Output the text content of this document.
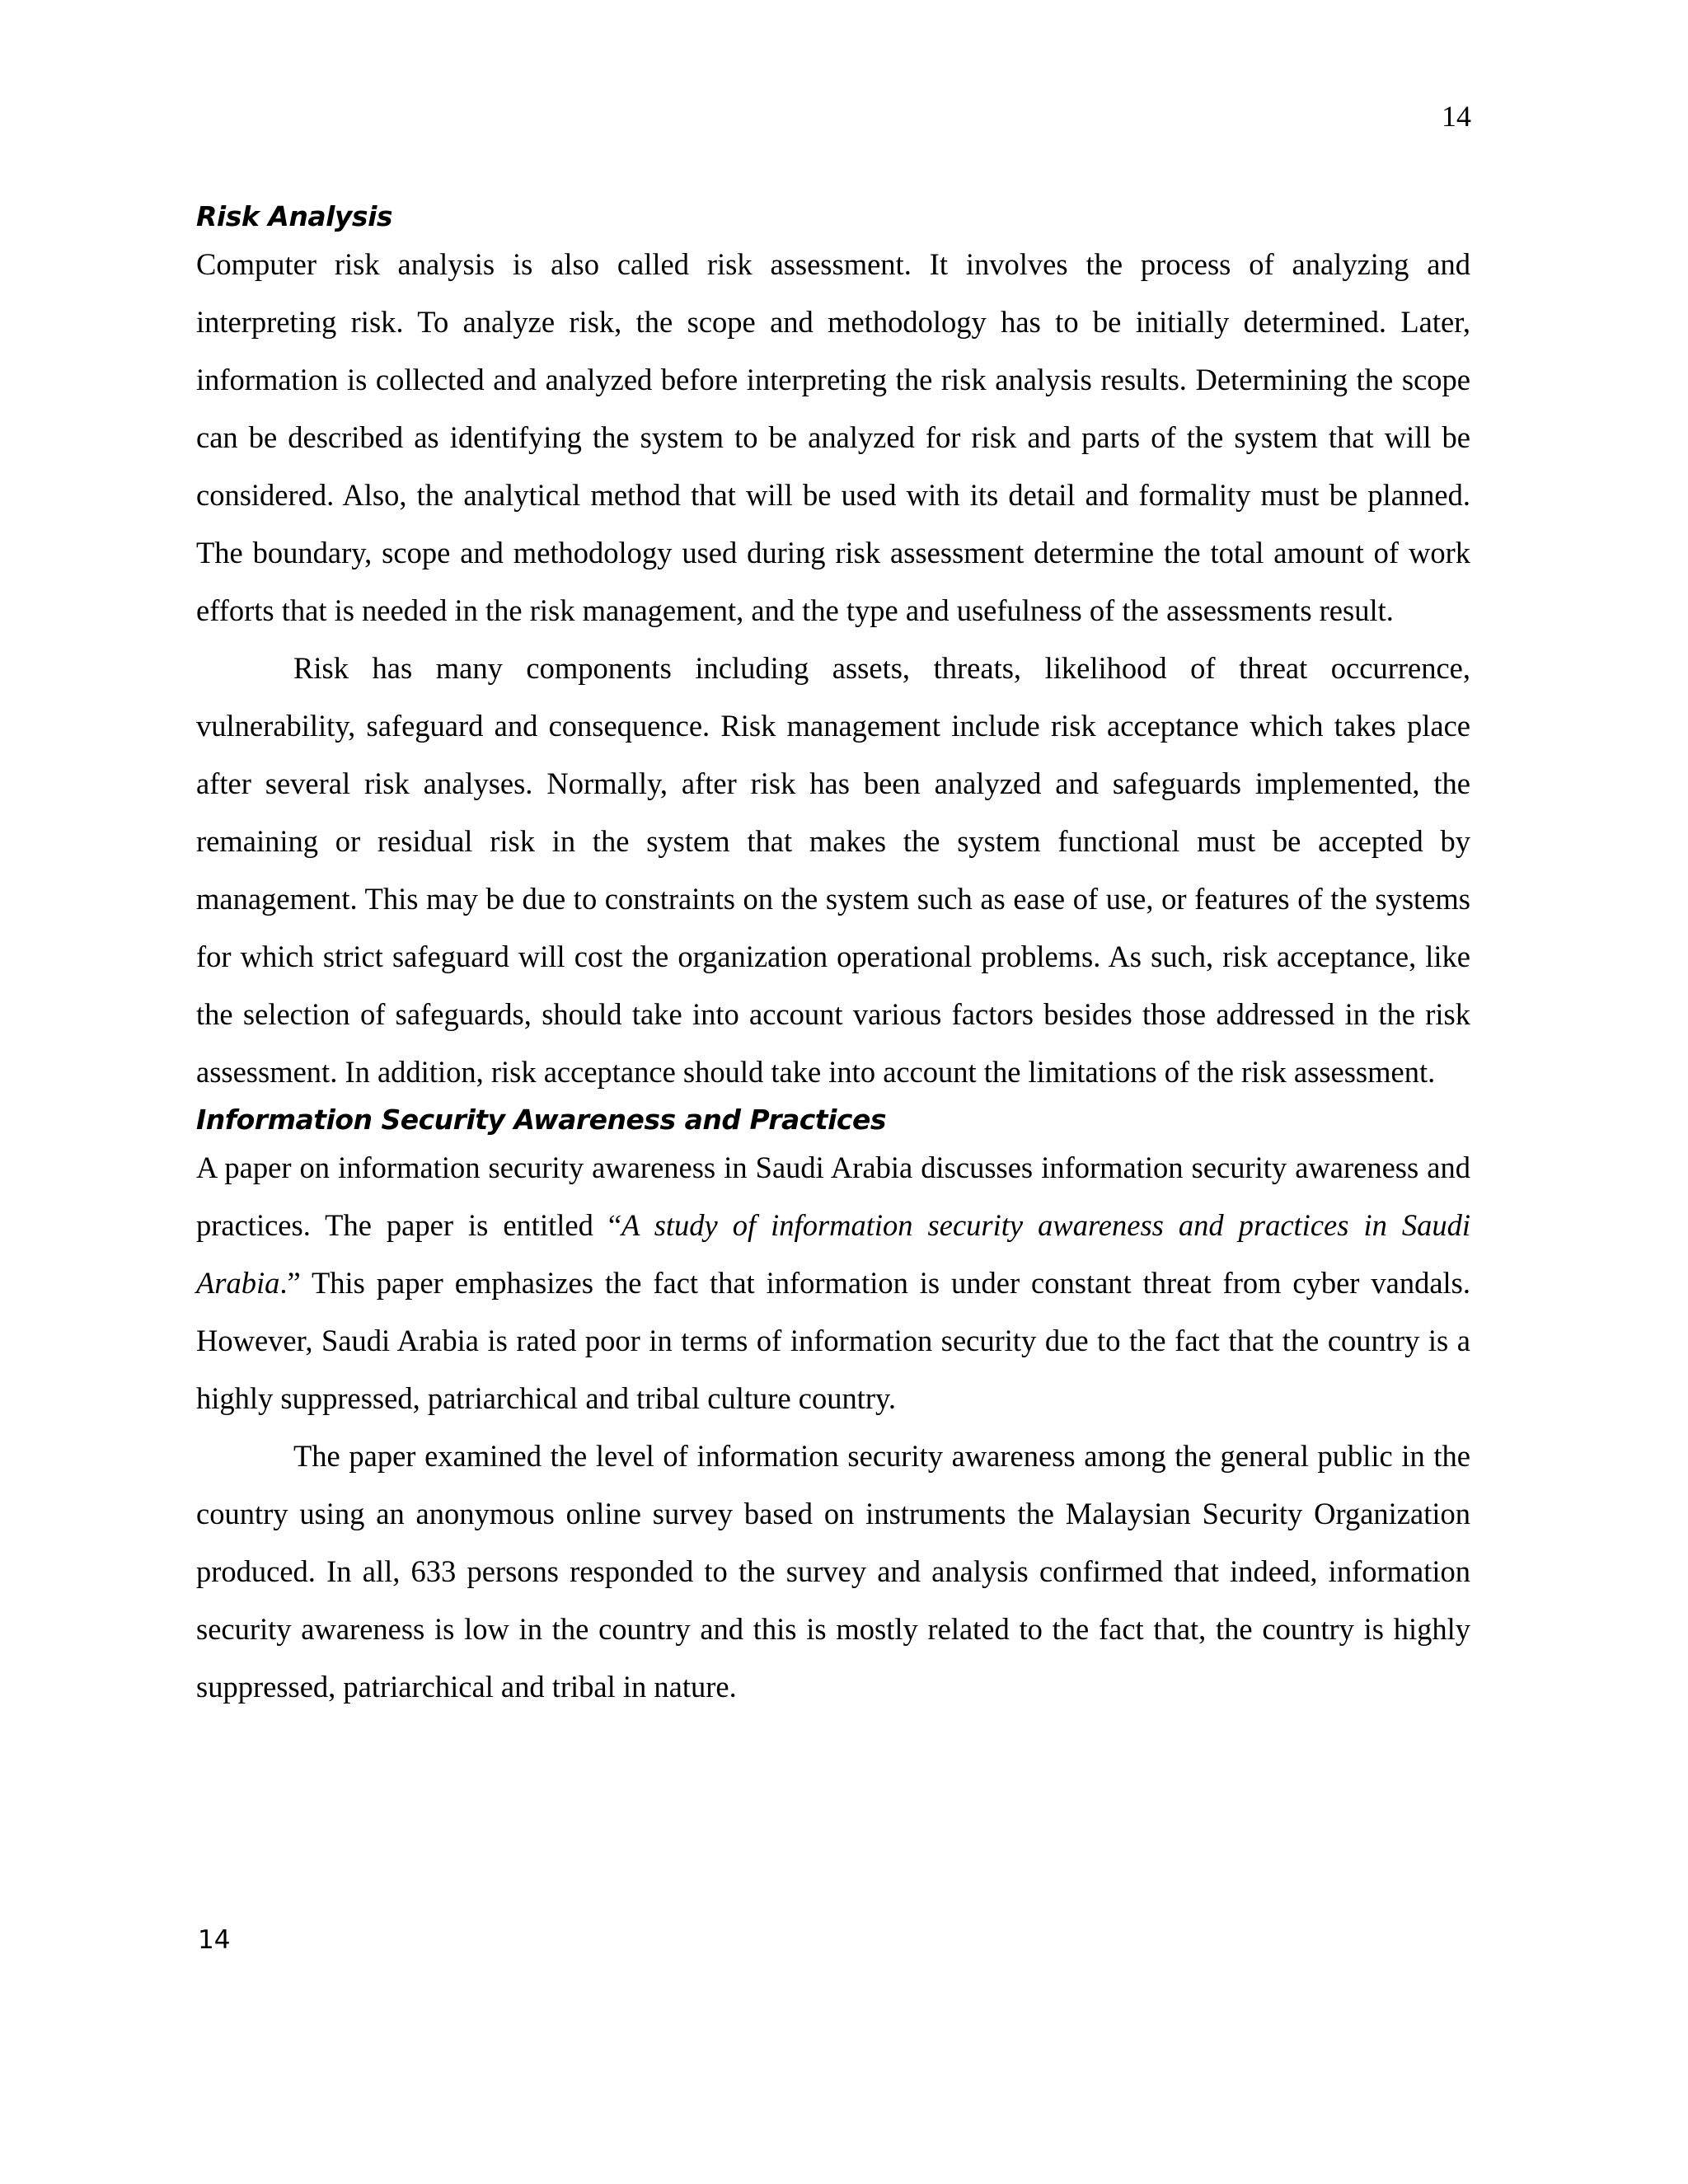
14
Risk Analysis

Computer risk analysis is also called risk assessment. It involves the process of analyzing and interpreting risk. To analyze risk, the scope and methodology has to be initially determined. Later, information is collected and analyzed before interpreting the risk analysis results. Determining the scope can be described as identifying the system to be analyzed for risk and parts of the system that will be considered. Also, the analytical method that will be used with its detail and formality must be planned. The boundary, scope and methodology used during risk assessment determine the total amount of work efforts that is needed in the risk management, and the type and usefulness of the assessments result.

Risk has many components including assets, threats, likelihood of threat occurrence, vulnerability, safeguard and consequence. Risk management include risk acceptance which takes place after several risk analyses. Normally, after risk has been analyzed and safeguards implemented, the remaining or residual risk in the system that makes the system functional must be accepted by management. This may be due to constraints on the system such as ease of use, or features of the systems for which strict safeguard will cost the organization operational problems. As such, risk acceptance, like the selection of safeguards, should take into account various factors besides those addressed in the risk assessment. In addition, risk acceptance should take into account the limitations of the risk assessment.

Information Security Awareness and Practices

A paper on information security awareness in Saudi Arabia discusses information security awareness and practices. The paper is entitled “A study of information security awareness and practices in Saudi Arabia.” This paper emphasizes the fact that information is under constant threat from cyber vandals. However, Saudi Arabia is rated poor in terms of information security due to the fact that the country is a highly suppressed, patriarchical and tribal culture country.

The paper examined the level of information security awareness among the general public in the country using an anonymous online survey based on instruments the Malaysian Security Organization produced. In all, 633 persons responded to the survey and analysis confirmed that indeed, information security awareness is low in the country and this is mostly related to the fact that, the country is highly suppressed, patriarchical and tribal in nature.

14
